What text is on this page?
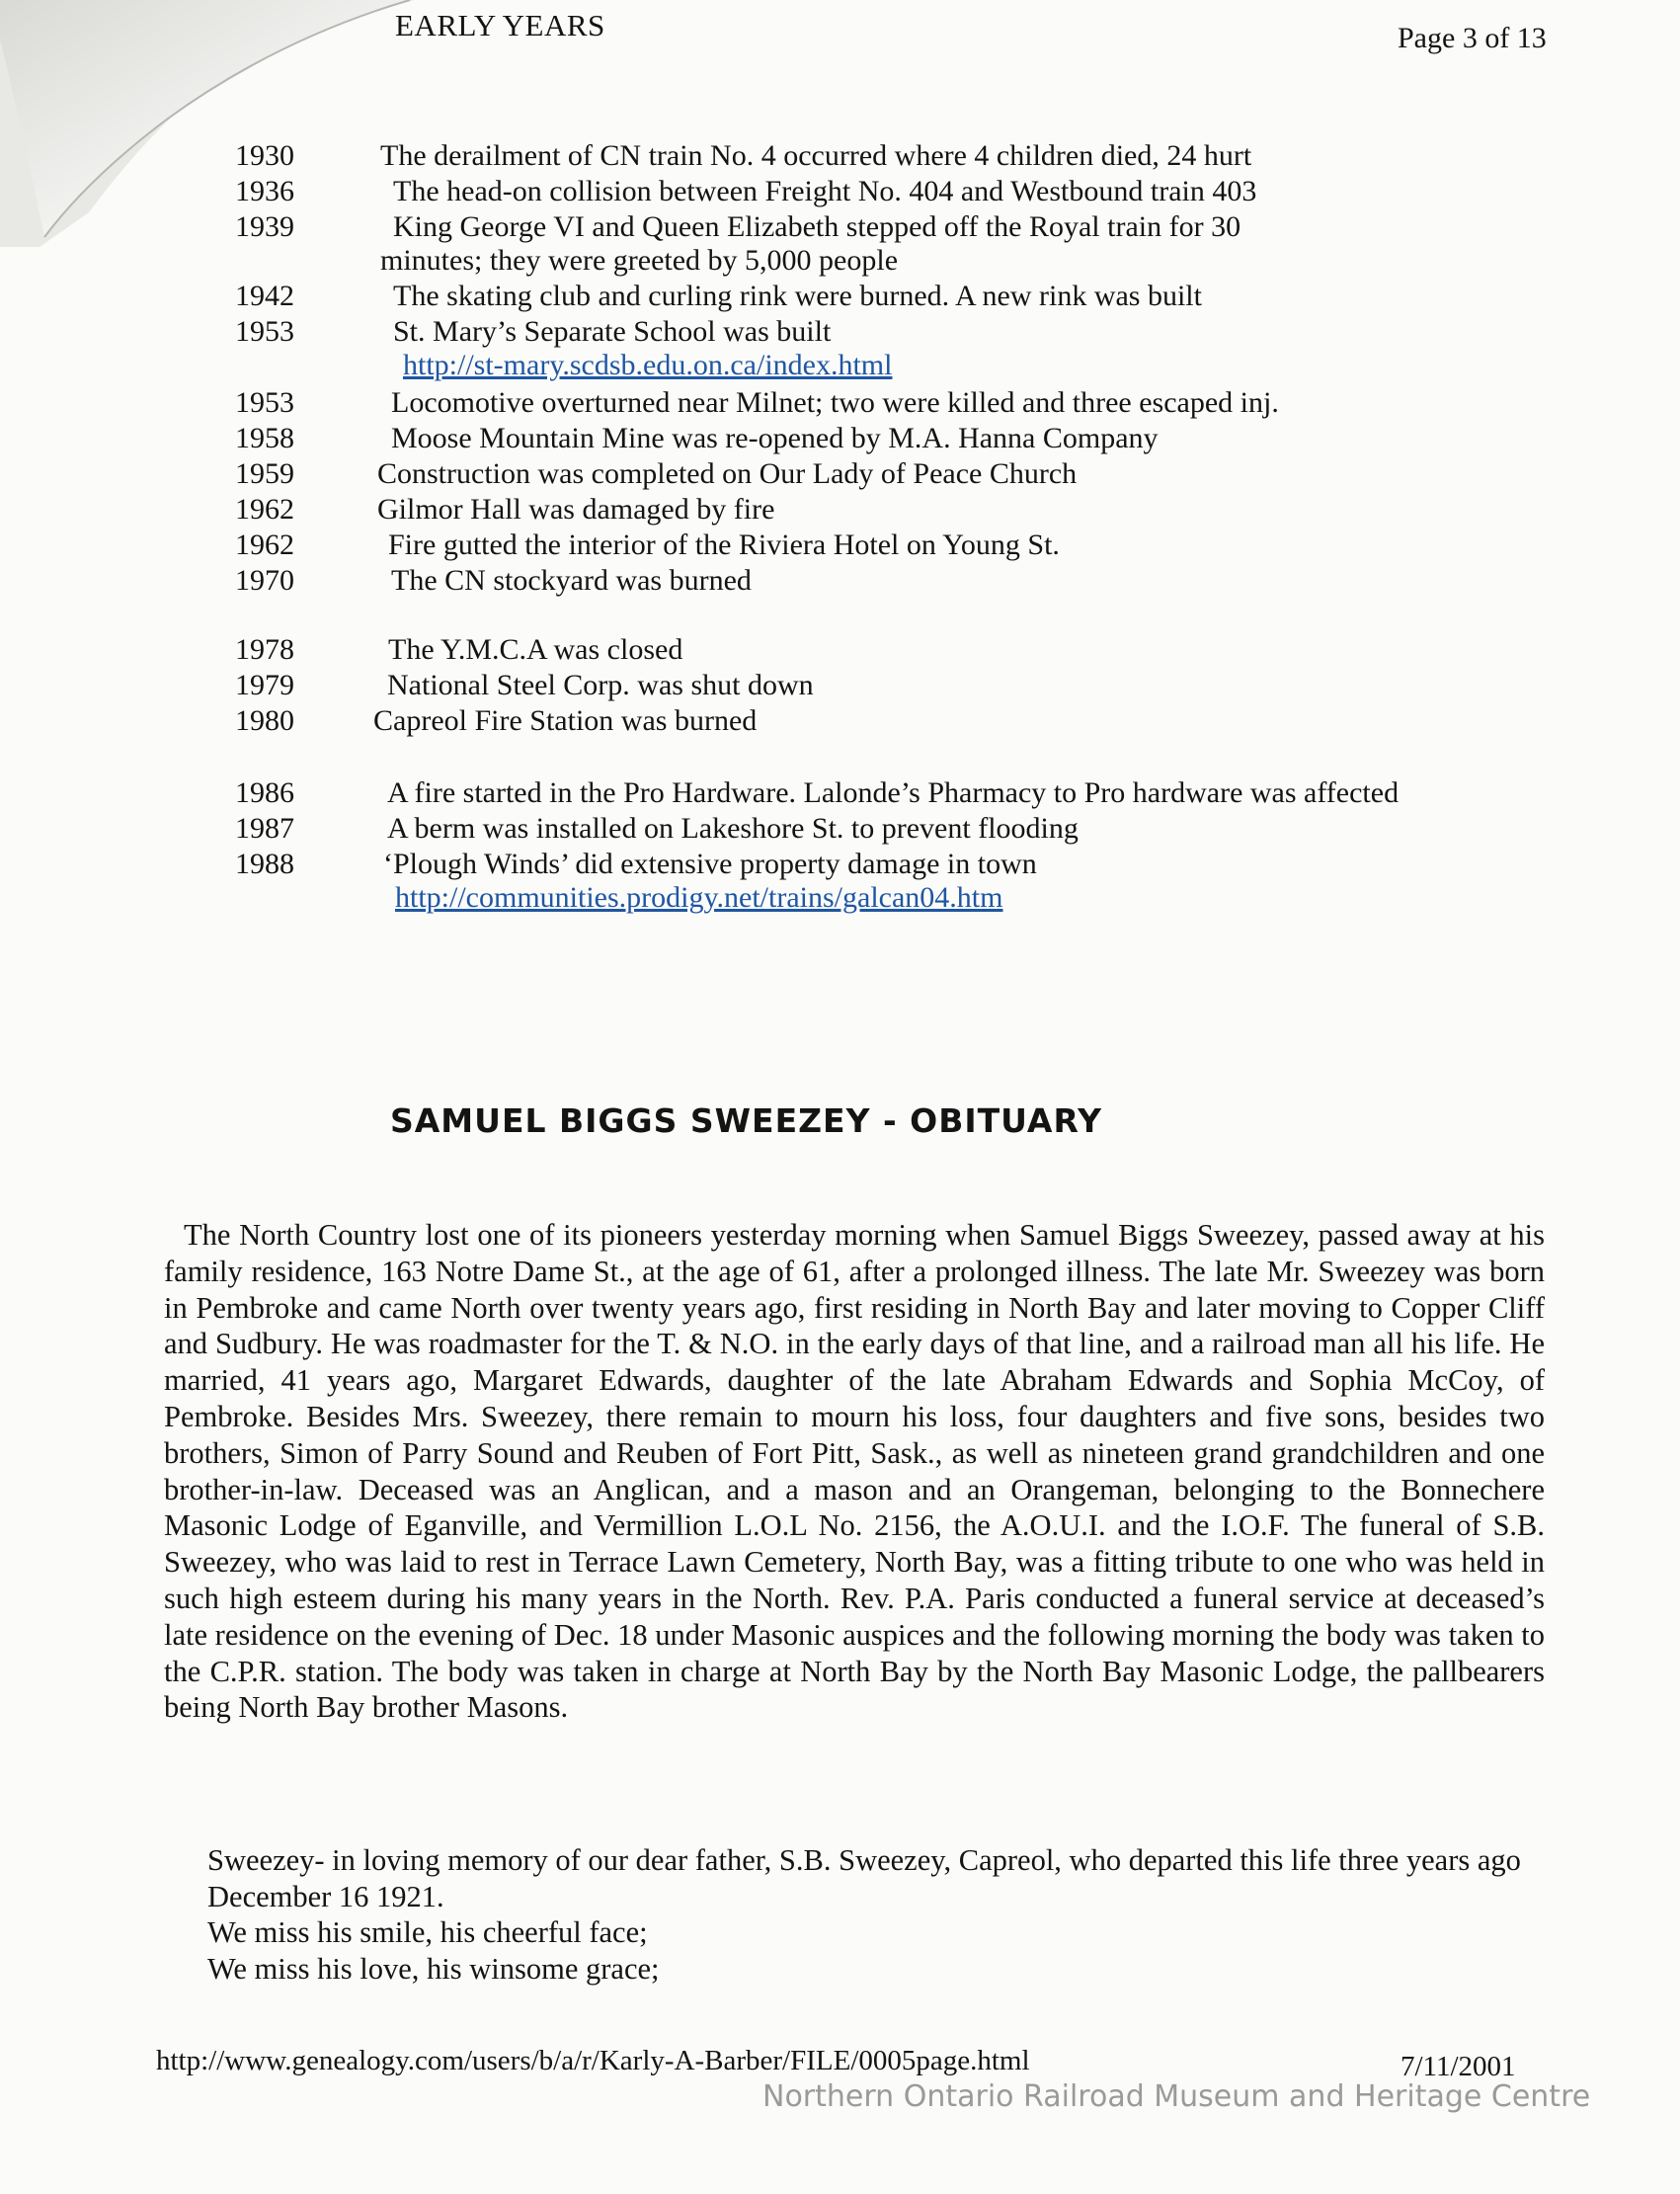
EARLY YEARS	Page 3 of 13
1930	The derailment of CN train No. 4 occurred where 4 children died, 24 hurt
1936	The head-on collision between Freight No. 404 and Westbound train 403
1939	King George VI and Queen Elizabeth stepped off the Royal train for 30
minutes; they were greeted by 5,000 people
1942	The skating club and curling rink were burned. A new rink was built
1953	St. Mary’s Separate School was built
http://st-mary.scdsb.edu.on.ca/index.html
1953	Locomotive overturned near Milnet; two were killed and three escaped inj.
1958	Moose Mountain Mine was re-opened by M.A. Hanna Company
1959	Construction was completed on Our Lady of Peace Church
1962	Gilmor Hall was damaged by fire
1962	Fire gutted the interior of the Riviera Hotel on Young St.
1970	The CN stockyard was burned
1978	The Y.M.C.A was closed
1979	National Steel Corp. was shut down
1980	Capreol Fire Station was burned
1986	A fire started in the Pro Hardware. Lalonde’s Pharmacy to Pro hardware was affected
1987	A berm was installed on Lakeshore St. to prevent flooding
1988	‘Plough Winds’ did extensive property damage in town
http://communities.prodigy.net/trains/galcan04.htm
SAMUEL BIGGS SWEEZEY - OBITUARY
The North Country lost one of its pioneers yesterday morning when Samuel Biggs Sweezey, passed away at his family residence, 163 Notre Dame St., at the age of 61, after a prolonged illness. The late Mr. Sweezey was born in Pembroke and came North over twenty years ago, first residing in North Bay and later moving to Copper Cliff and Sudbury. He was roadmaster for the T. & N.O. in the early days of that line, and a railroad man all his life. He married, 41 years ago, Margaret Edwards, daughter of the late Abraham Edwards and Sophia McCoy, of Pembroke. Besides Mrs. Sweezey, there remain to mourn his loss, four daughters and five sons, besides two brothers, Simon of Parry Sound and Reuben of Fort Pitt, Sask., as well as nineteen grand grandchildren and one brother-in-law. Deceased was an Anglican, and a mason and an Orangeman, belonging to the Bonnechere Masonic Lodge of Eganville, and Vermillion L.O.L No. 2156, the A.O.U.I. and the I.O.F. The funeral of S.B. Sweezey, who was laid to rest in Terrace Lawn Cemetery, North Bay, was a fitting tribute to one who was held in such high esteem during his many years in the North. Rev. P.A. Paris conducted a funeral service at deceased’s late residence on the evening of Dec. 18 under Masonic auspices and the following morning the body was taken to the C.P.R. station. The body was taken in charge at North Bay by the North Bay Masonic Lodge, the pallbearers being North Bay brother Masons.

Sweezey- in loving memory of our dear father, S.B. Sweezey, Capreol, who departed this life three years ago December 16 1921.

We miss his smile, his cheerful face;

We miss his love, his winsome grace;

http://www.genealogy.com/users/b/a/r/Karly-A-Barber/FILE/0005page.html	7/11/2001
Northern Ontario Railroad Museum and Heritage Centre
